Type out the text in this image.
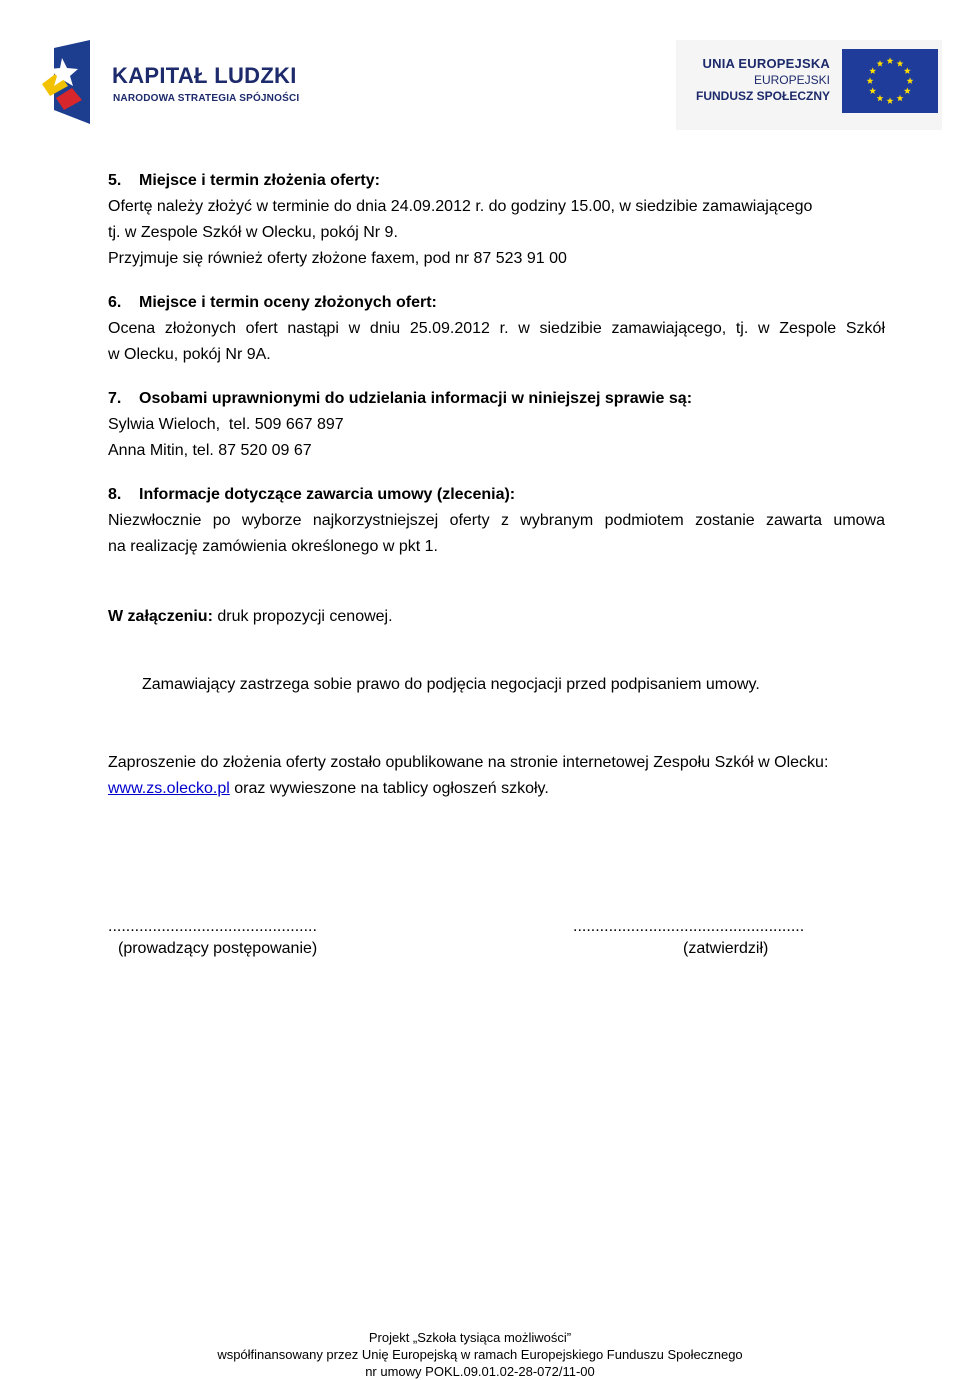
KAPITAŁ LUDZKI
NARODOWA STRATEGIA SPÓJNOŚCI
UNIA EUROPEJSKA
EUROPEJSKI
FUNDUSZ SPOŁECZNY
5. Miejsce i termin złożenia oferty:
Ofertę należy złożyć w terminie do dnia 24.09.2012 r. do godziny 15.00, w siedzibie zamawiającego
tj. w Zespole Szkół w Olecku, pokój Nr 9.
Przyjmuje się również oferty złożone faxem, pod nr 87 523 91 00
6. Miejsce i termin oceny złożonych ofert:
Ocena złożonych ofert nastąpi w dniu 25.09.2012 r. w siedzibie zamawiającego, tj. w Zespole Szkół
w Olecku, pokój Nr 9A.
7. Osobami uprawnionymi do udzielania informacji w niniejszej sprawie są:
Sylwia Wieloch,  tel. 509 667 897
Anna Mitin, tel. 87 520 09 67
8. Informacje dotyczące zawarcia umowy (zlecenia):
Niezwłocznie po wyborze najkorzystniejszej oferty z wybranym podmiotem zostanie zawarta umowa
na realizację zamówienia określonego w pkt 1.
W załączeniu: druk propozycji cenowej.
Zamawiający zastrzega sobie prawo do podjęcia negocjacji przed podpisaniem umowy.
Zaproszenie do złożenia oferty zostało opublikowane na stronie internetowej Zespołu Szkół w Olecku:
www.zs.olecko.pl oraz wywieszone na tablicy ogłoszeń szkoły.
...............................................
(prowadzący postępowanie)
....................................................
(zatwierdził)
Projekt „Szkoła tysiąca możliwości”
współfinansowany przez Unię Europejską w ramach Europejskiego Funduszu Społecznego
nr umowy POKL.09.01.02-28-072/11-00
